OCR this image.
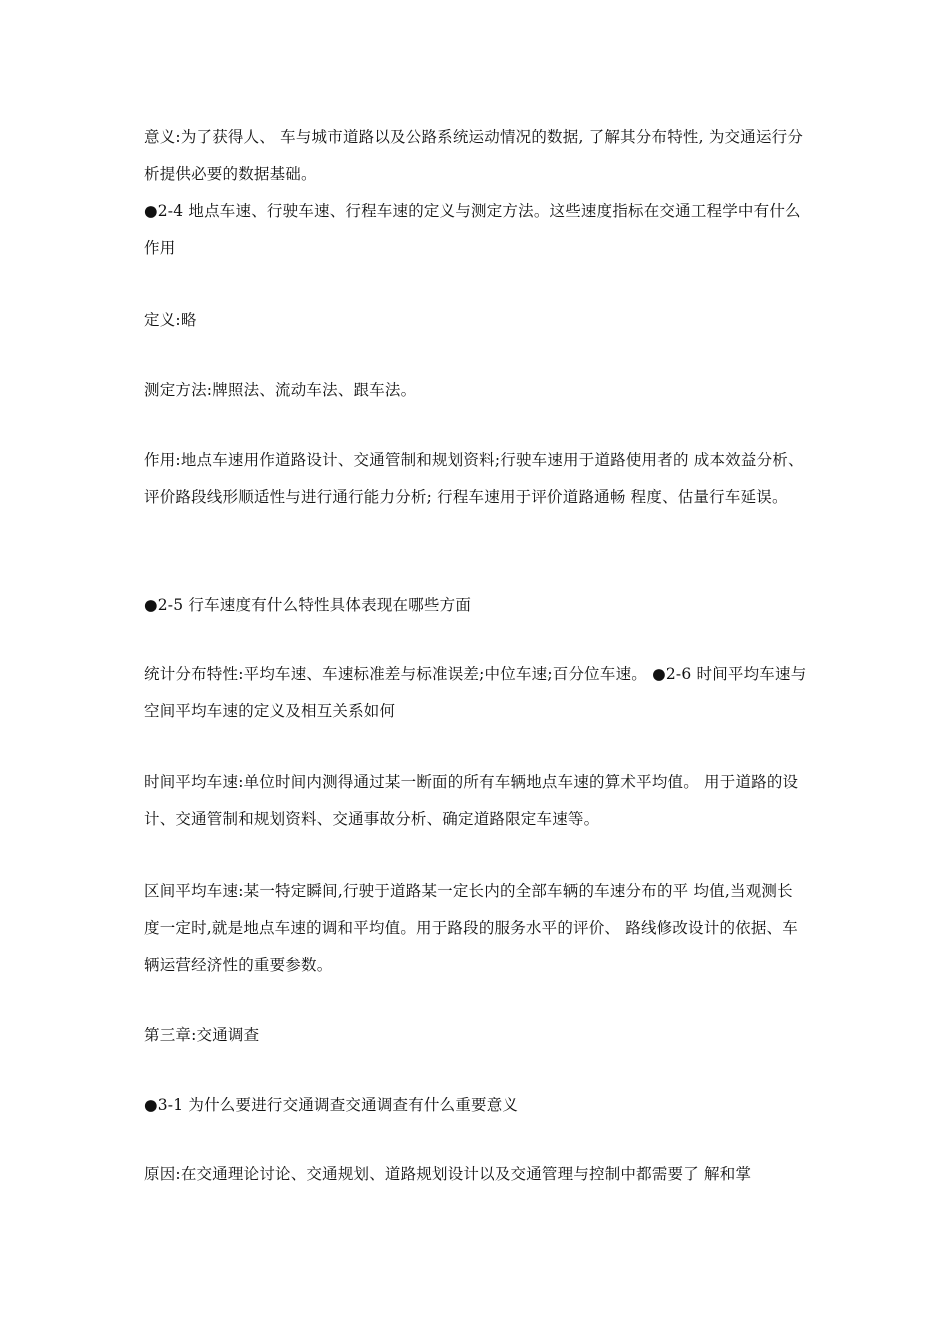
意义:为了获得人、 车与城市道路以及公路系统运动情况的数据, 了解其分布特性, 为交通运行分析提供必要的数据基础。
●2-4 地点车速、行驶车速、行程车速的定义与测定方法。这些速度指标在交通工程学中有什么作用
定义:略
测定方法:牌照法、流动车法、跟车法。
作用:地点车速用作道路设计、交通管制和规划资料;行驶车速用于道路使用者的 成本效益分析、 评价路段线形顺适性与进行通行能力分析; 行程车速用于评价道路通畅 程度、估量行车延误。
●2-5 行车速度有什么特性具体表现在哪些方面
统计分布特性:平均车速、车速标准差与标准误差;中位车速;百分位车速。 ●2-6 时间平均车速与空间平均车速的定义及相互关系如何
时间平均车速:单位时间内测得通过某一断面的所有车辆地点车速的算术平均值。 用于道路的设计、交通管制和规划资料、交通事故分析、确定道路限定车速等。
区间平均车速:某一特定瞬间,行驶于道路某一定长内的全部车辆的车速分布的平 均值,当观测长度一定时,就是地点车速的调和平均值。用于路段的服务水平的评价、 路线修改设计的依据、车辆运营经济性的重要参数。
第三章:交通调查
●3-1 为什么要进行交通调查交通调查有什么重要意义
原因:在交通理论讨论、交通规划、道路规划设计以及交通管理与控制中都需要了 解和掌
